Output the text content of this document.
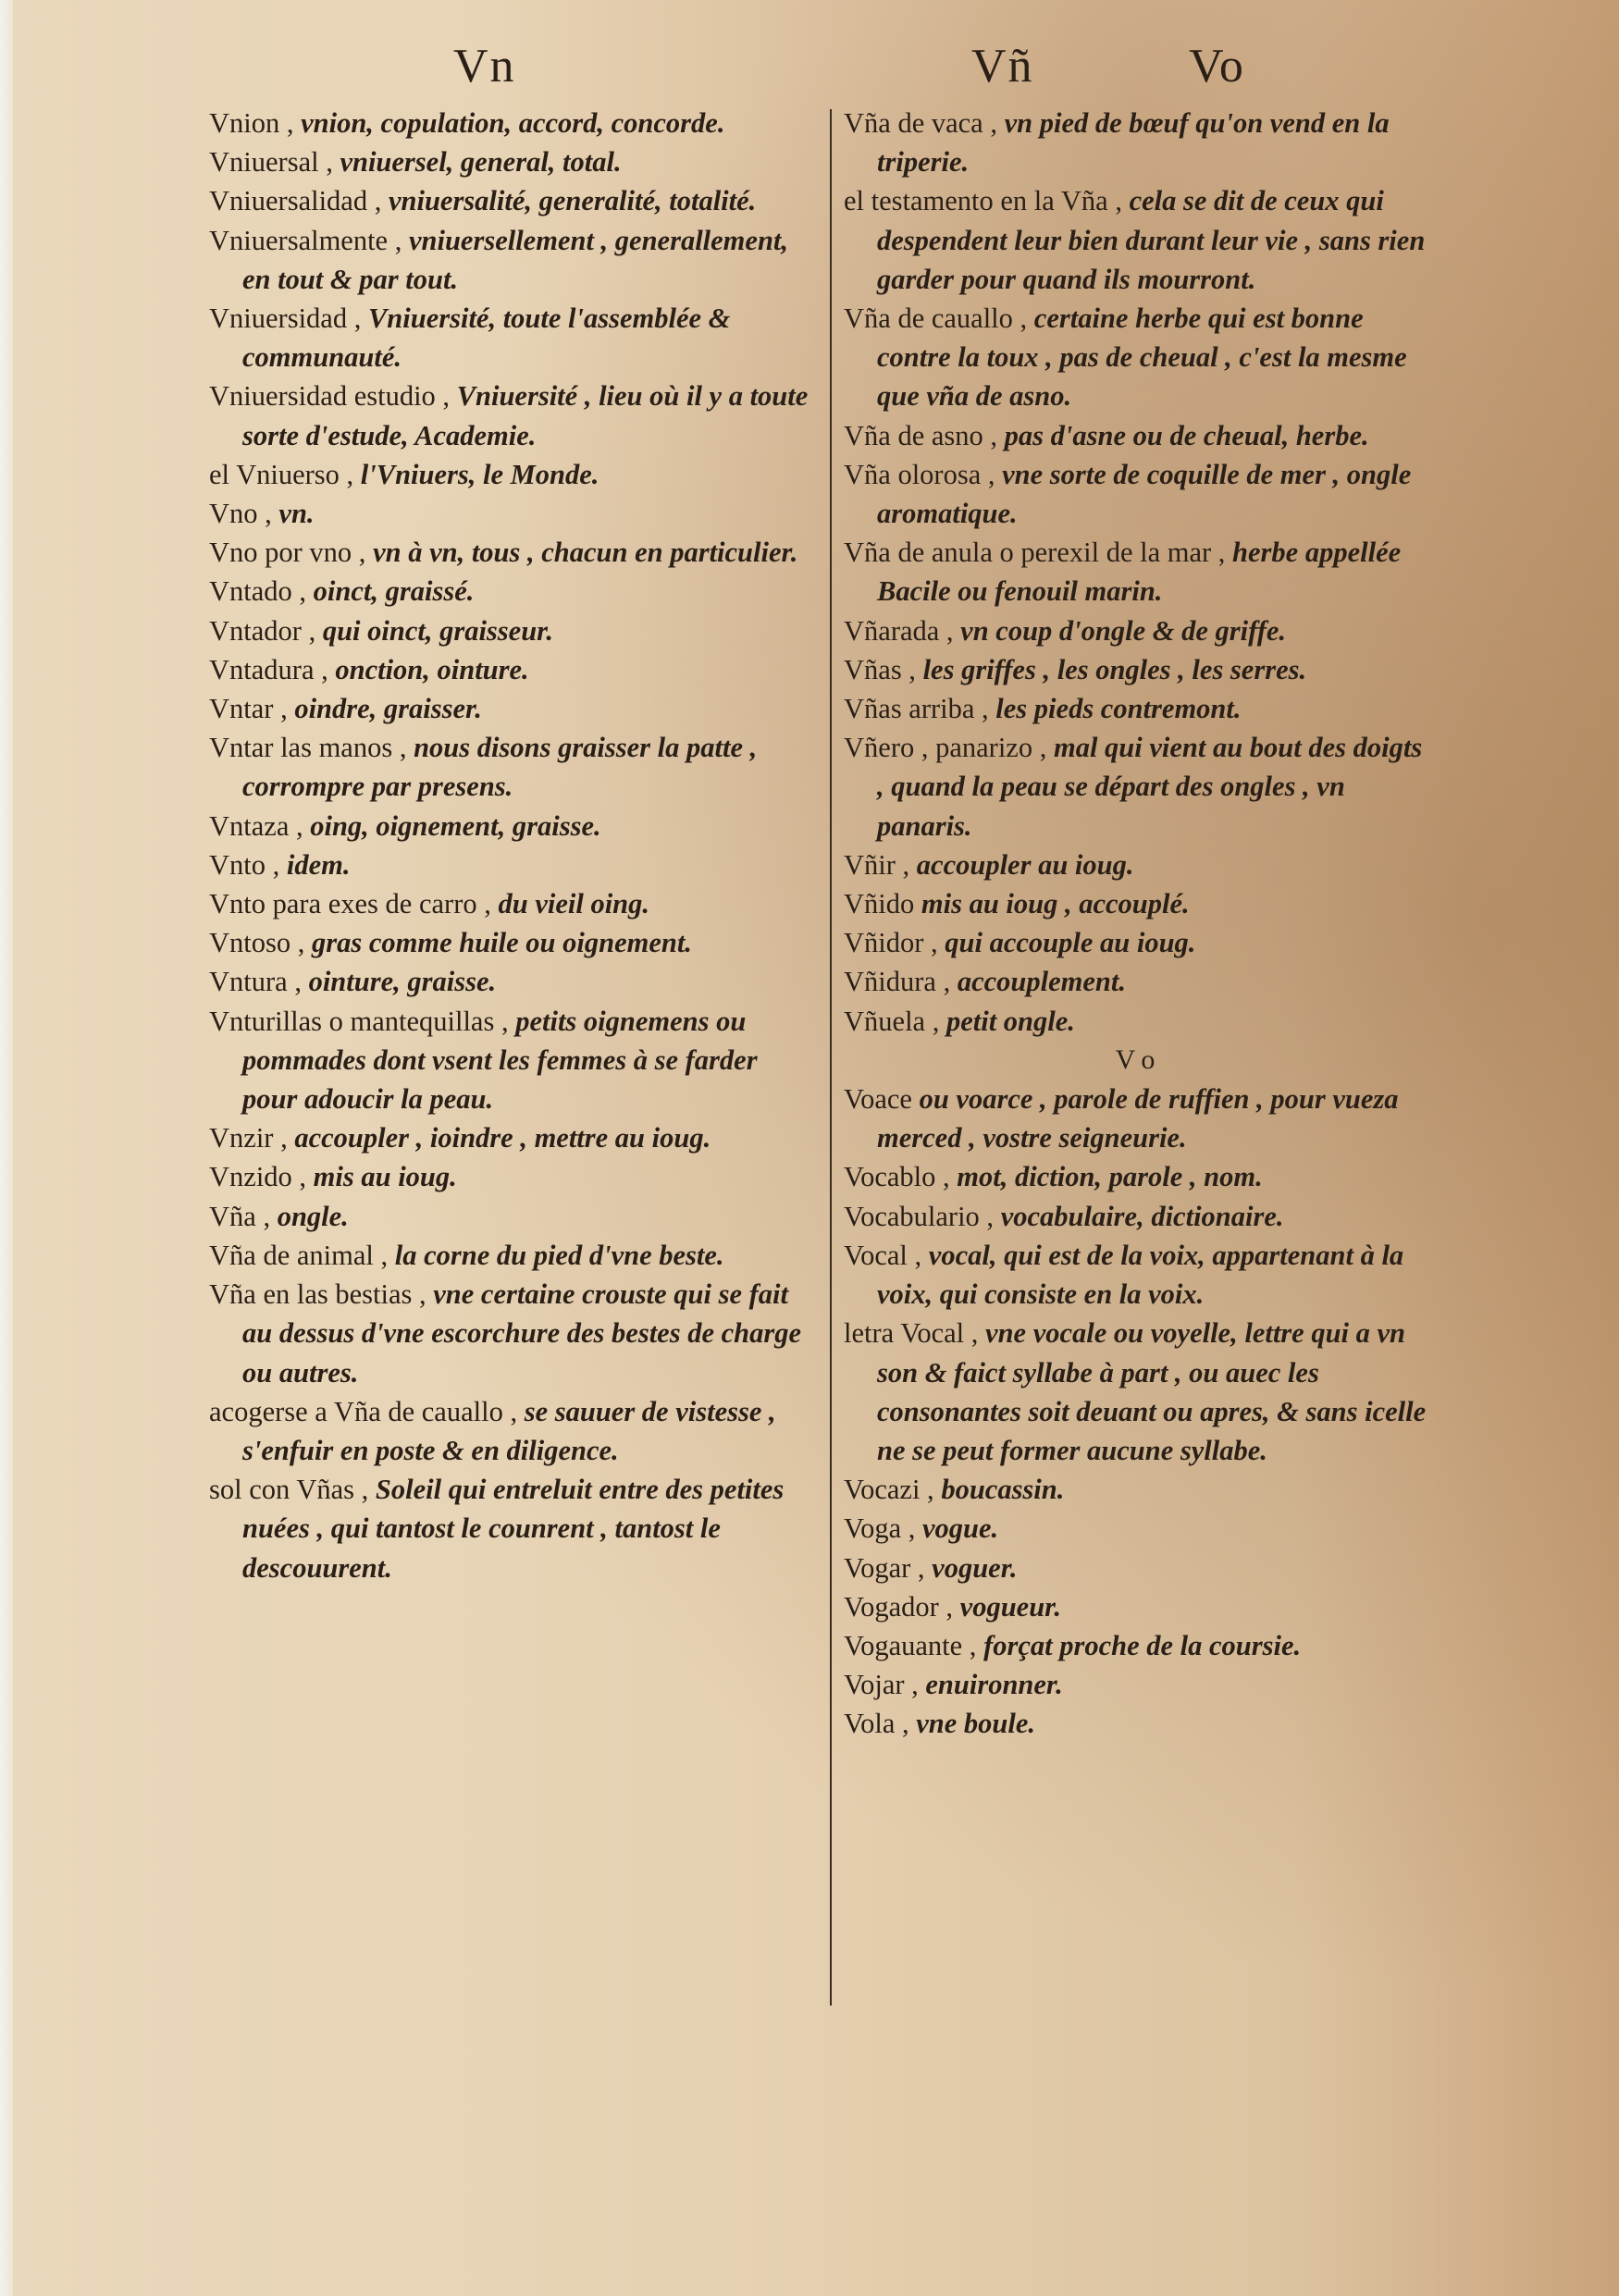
Vn	Vñ	Vo

Vnion , vnion, copulation, accord, concorde.

Vniuersal , vniuersel, general, total.

Vniuersalidad , vniuersalité, generalité, totalité.

Vniuersalmente , vniuersellement , generallement, en tout & par tout.

Vniuersidad , Vniuersité, toute l'assemblée & communauté.

Vniuersidad estudio , Vniuersité , lieu où il y a toute sorte d'estude, Academie.

el Vniuerso , l'Vniuers, le Monde.

Vno , vn.

Vno por vno , vn à vn, tous , chacun en particulier.

Vntado , oinct, graissé.

Vntador , qui oinct, graisseur.

Vntadura , onction, ointure.

Vntar , oindre, graisser.

Vntar las manos , nous disons graisser la patte , corrompre par presens.

Vntaza , oing, oignement, graisse.

Vnto , idem.

Vnto para exes de carro , du vieil oing.

Vntoso , gras comme huile ou oignement.

Vntura , ointure, graisse.

Vnturillas o mantequillas , petits oignemens ou pommades dont vsent les femmes à se farder pour adoucir la peau.

Vnzir , accoupler , ioindre , mettre au ioug.

Vnzido , mis au ioug.

Vña , ongle.

Vña de animal , la corne du pied d'vne beste.

Vña en las bestias , vne certaine crouste qui se fait au dessus d'vne escorchure des bestes de charge ou autres.

acogerse a Vña de cauallo , se sauuer de vistesse , s'enfuir en poste & en diligence.

sol con Vñas , Soleil qui entreluit entre des petites nuées , qui tantost le counrent , tantost le descouurent.

Vña de vaca , vn pied de bœuf qu'on vend en la triperie.

el testamento en la Vña , cela se dit de ceux qui despendent leur bien durant leur vie , sans rien garder pour quand ils mourront.

Vña de cauallo , certaine herbe qui est bonne contre la toux , pas de cheual , c'est la mesme que vña de asno.

Vña de asno , pas d'asne ou de cheual, herbe.

Vña olorosa , vne sorte de coquille de mer , ongle aromatique.

Vña de anula o perexil de la mar , herbe appellée Bacile ou fenouil marin.

Vñarada , vn coup d'ongle & de griffe.

Vñas , les griffes , les ongles , les serres.

Vñas arriba , les pieds contremont.

Vñero , panarizo , mal qui vient au bout des doigts , quand la peau se départ des ongles , vn panaris.

Vñir , accoupler au ioug.

Vñido mis au ioug , accouplé.

Vñidor , qui accouple au ioug.

Vñidura , accouplement.

Vñuela , petit ongle.

Vo

Voace ou voarce , parole de ruffien , pour vueza merced , vostre seigneurie.

Vocablo , mot, diction, parole , nom.

Vocabulario , vocabulaire, dictionaire.

Vocal , vocal, qui est de la voix, appartenant à la voix, qui consiste en la voix.

letra Vocal , vne vocale ou voyelle, lettre qui a vn son & faict syllabe à part , ou auec les consonantes soit deuant ou apres, & sans icelle ne se peut former aucune syllabe.

Vocazi , boucassin.

Voga , vogue.

Vogar , voguer.

Vogador , vogueur.

Vogauante , forçat proche de la coursie.

Vojar , enuironner.

Vola , vne boule.
